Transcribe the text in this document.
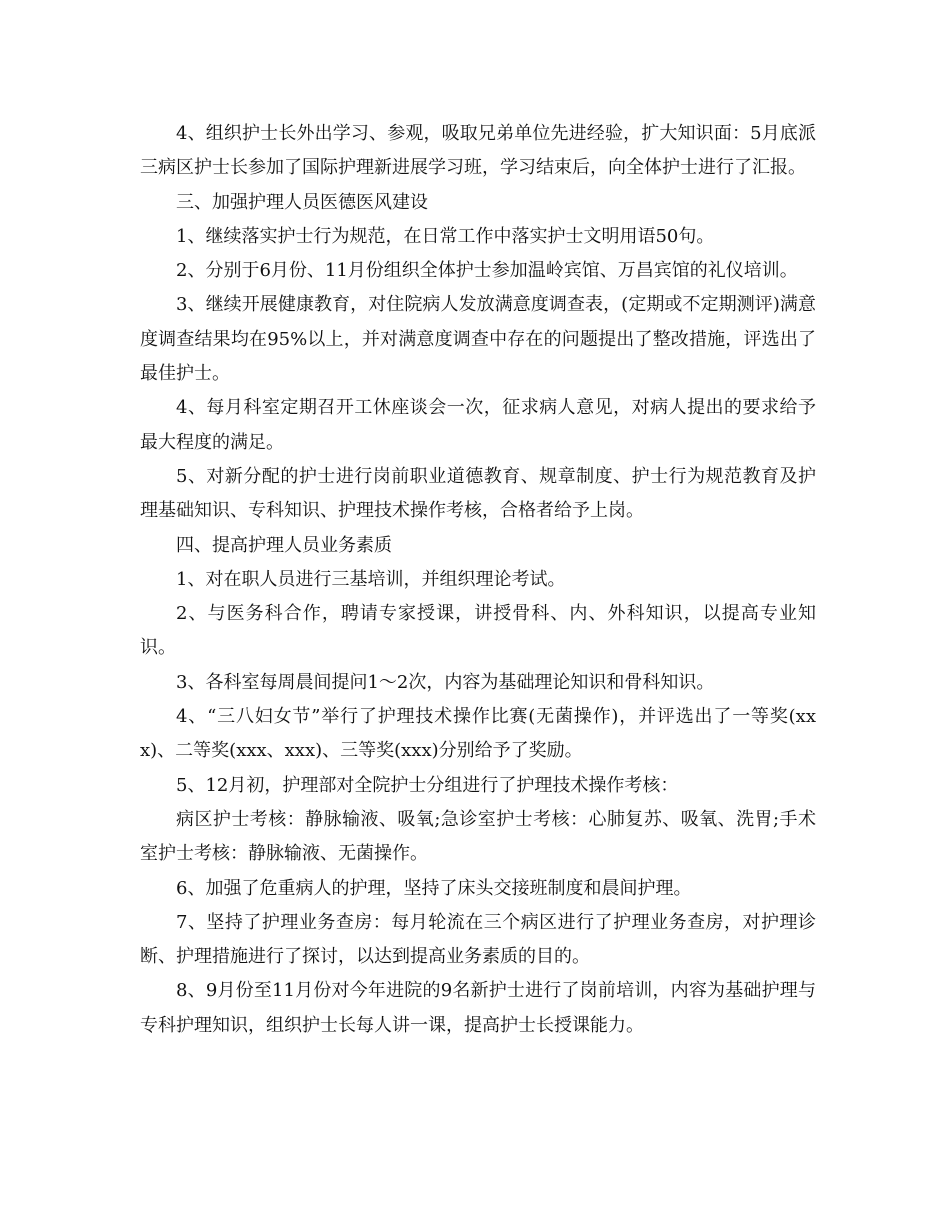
4、组织护士长外出学习、参观，吸取兄弟单位先进经验，扩大知识面：5月底派三病区护士长参加了国际护理新进展学习班，学习结束后，向全体护士进行了汇报。

三、加强护理人员医德医风建设

1、继续落实护士行为规范，在日常工作中落实护士文明用语50句。

2、分别于6月份、11月份组织全体护士参加温岭宾馆、万昌宾馆的礼仪培训。

3、继续开展健康教育，对住院病人发放满意度调查表，(定期或不定期测评)满意度调查结果均在95%以上，并对满意度调查中存在的问题提出了整改措施，评选出了最佳护士。

4、每月科室定期召开工休座谈会一次，征求病人意见，对病人提出的要求给予最大程度的满足。

5、对新分配的护士进行岗前职业道德教育、规章制度、护士行为规范教育及护理基础知识、专科知识、护理技术操作考核，合格者给予上岗。

四、提高护理人员业务素质

1、对在职人员进行三基培训，并组织理论考试。

2、与医务科合作，聘请专家授课，讲授骨科、内、外科知识，以提高专业知识。

3、各科室每周晨间提问1～2次，内容为基础理论知识和骨科知识。

4、“三八妇女节”举行了护理技术操作比赛(无菌操作)，并评选出了一等奖(xxx)、二等奖(xxx、xxx)、三等奖(xxx)分别给予了奖励。

5、12月初，护理部对全院护士分组进行了护理技术操作考核：

病区护士考核：静脉输液、吸氧;急诊室护士考核：心肺复苏、吸氧、洗胃;手术室护士考核：静脉输液、无菌操作。

6、加强了危重病人的护理，坚持了床头交接班制度和晨间护理。

7、坚持了护理业务查房：每月轮流在三个病区进行了护理业务查房，对护理诊断、护理措施进行了探讨，以达到提高业务素质的目的。

8、9月份至11月份对今年进院的9名新护士进行了岗前培训，内容为基础护理与专科护理知识，组织护士长每人讲一课，提高护士长授课能力。
